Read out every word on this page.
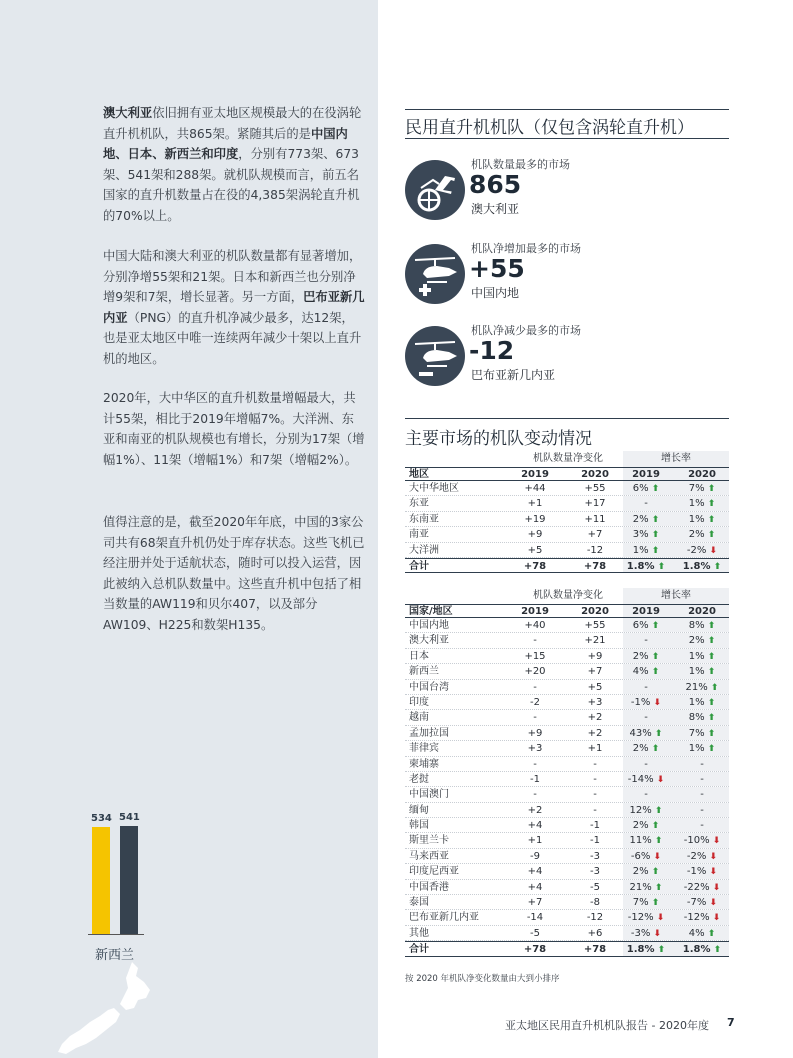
澳大利亚依旧拥有亚太地区规模最大的在役涡轮直升机机队，共865架。紧随其后的是中国内地、日本、新西兰和印度，分别有773架、673架、541架和288架。就机队规模而言，前五名国家的直升机数量占在役的4,385架涡轮直升机的70%以上。
中国大陆和澳大利亚的机队数量都有显著增加，分别净增55架和21架。日本和新西兰也分别净增9架和7架，增长显著。另一方面，巴布亚新几内亚（PNG）的直升机净减少最多，达12架，也是亚太地区中唯一连续两年减少十架以上直升机的地区。
2020年，大中华区的直升机数量增幅最大，共计55架，相比于2019年增幅7%。大洋洲、东亚和南亚的机队规模也有增长，分别为17架（增幅1%）、11架（增幅1%）和7架（增幅2%）。
值得注意的是，截至2020年年底，中国的3家公司共有68架直升机仍处于库存状态。这些飞机已经注册并处于适航状态，随时可以投入运营，因此被纳入总机队数量中。这些直升机中包括了相当数量的AW119和贝尔407，以及部分AW109、H225和数架H135。
534 541
新西兰
民用直升机机队（仅包含涡轮直升机）
机队数量最多的市场
865
澳大利亚
机队净增加最多的市场
+55
中国内地
机队净减少最多的市场
-12
巴布亚新几内亚
主要市场的机队变动情况
机队数量净变化	增长率
地区	2019	2020	2019	2020
大中华地区	+44	+55	6% ⬆	7% ⬆
东亚	+1	+17	-	1% ⬆
东南亚	+19	+11	2% ⬆	1% ⬆
南亚	+9	+7	3% ⬆	2% ⬆
大洋洲	+5	-12	1% ⬆	-2% ⬇
合计	+78	+78	1.8% ⬆	1.8% ⬆
机队数量净变化	增长率
国家/地区	2019	2020	2019	2020
中国内地	+40	+55	6% ⬆	8% ⬆
澳大利亚	-	+21	-	2% ⬆
日本	+15	+9	2% ⬆	1% ⬆
新西兰	+20	+7	4% ⬆	1% ⬆
中国台湾	-	+5	-	21% ⬆
印度	-2	+3	-1% ⬇	1% ⬆
越南	-	+2	-	8% ⬆
孟加拉国	+9	+2	43% ⬆	7% ⬆
菲律宾	+3	+1	2% ⬆	1% ⬆
柬埔寨	-	-	-	-
老挝	-1	-	-14% ⬇	-
中国澳门	-	-	-	-
缅甸	+2	-	12% ⬆	-
韩国	+4	-1	2% ⬆	-
斯里兰卡	+1	-1	11% ⬆	-10% ⬇
马来西亚	-9	-3	-6% ⬇	-2% ⬇
印度尼西亚	+4	-3	2% ⬆	-1% ⬇
中国香港	+4	-5	21% ⬆	-22% ⬇
泰国	+7	-8	7% ⬆	-7% ⬇
巴布亚新几内亚	-14	-12	-12% ⬇	-12% ⬇
其他	-5	+6	-3% ⬇	4% ⬆
合计	+78	+78	1.8% ⬆	1.8% ⬆
按 2020 年机队净变化数量由大到小排序
亚太地区民用直升机机队报告 - 2020年度 7
